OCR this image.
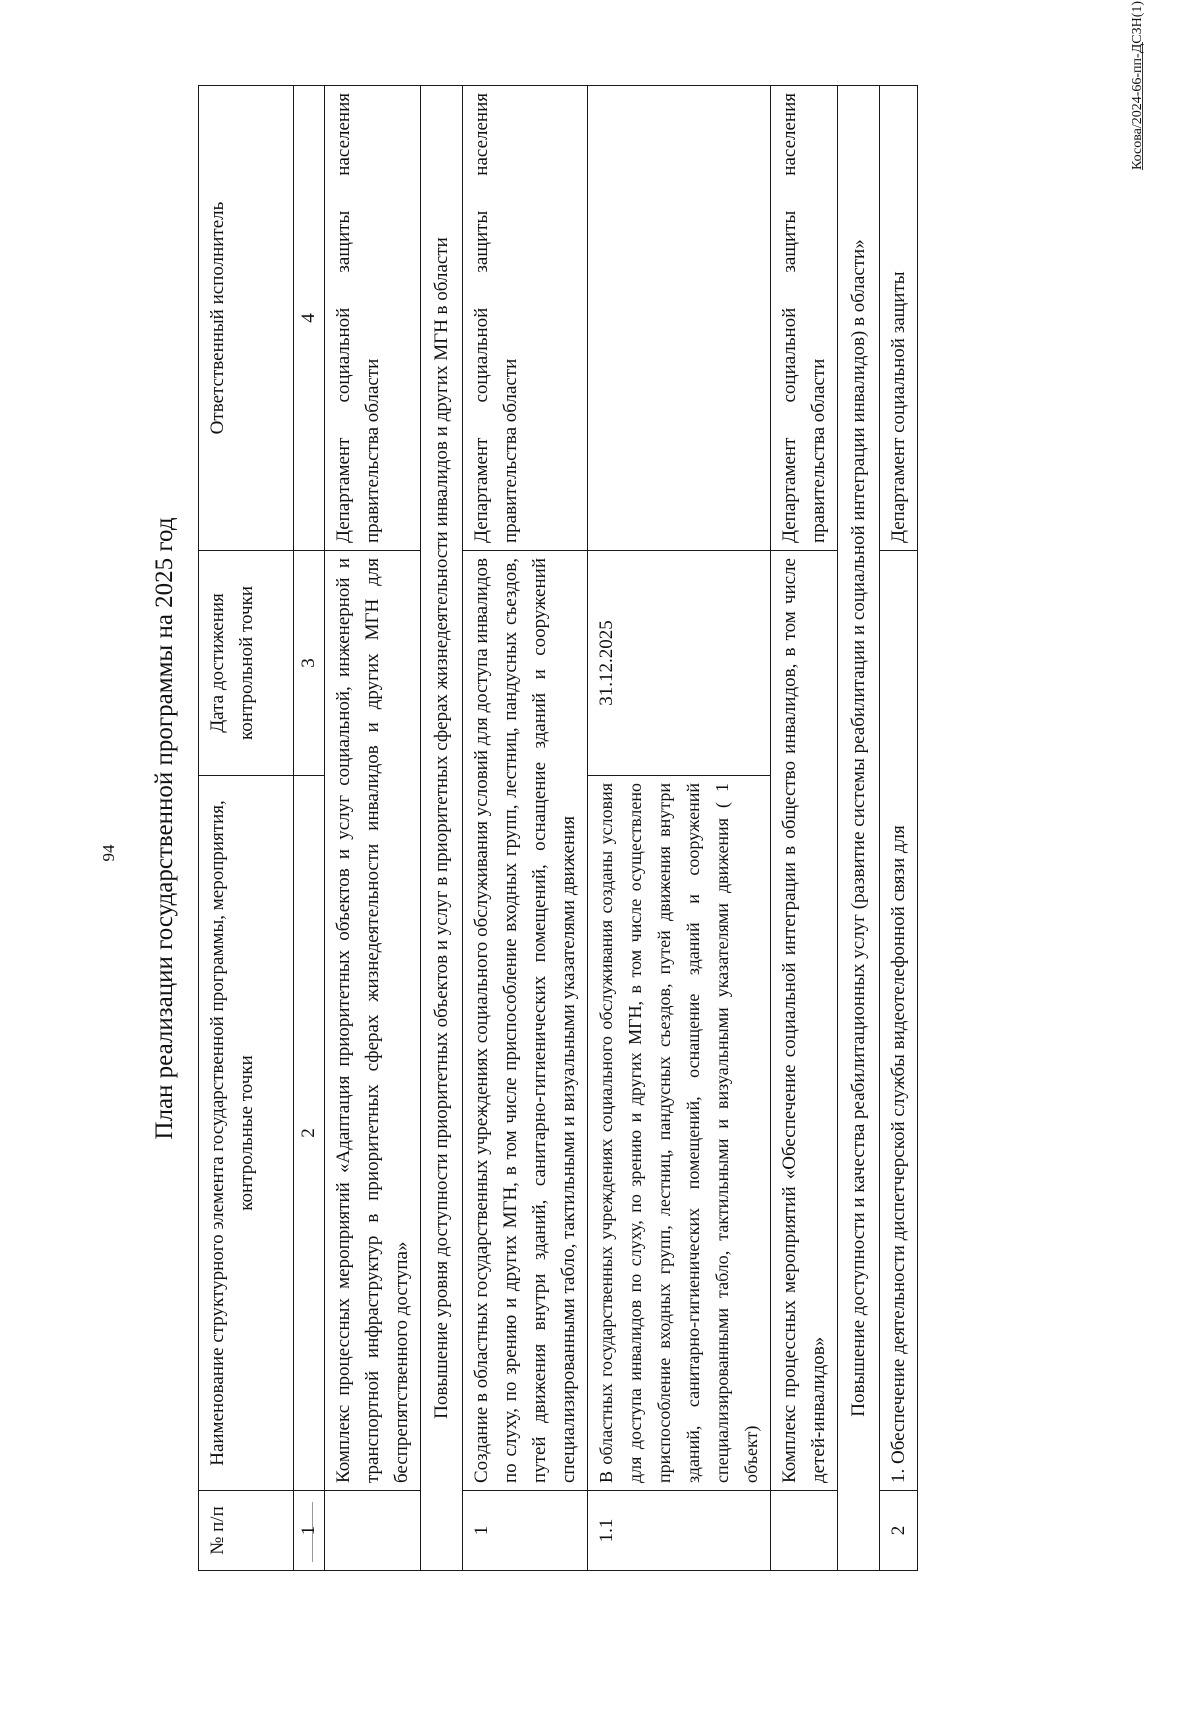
94
Косова/2024-66-пп-ДСЗН(1)
План реализации государственной программы на 2025 год
№ п/п	Наименование структурного элемента государственной программы, мероприятия, контрольные точки	Дата достижения контрольной точки	Ответственный исполнитель
1	2	3	4
	Комплекс процессных мероприятий «Адаптация приоритетных объектов и услуг социальной, инженерной и транспортной инфраструктур в приоритетных сферах жизнедеятельности инвалидов и других МГН для беспрепятственного доступа»		Департамент социальной защиты населения правительства области
Повышение уровня доступности приоритетных объектов и услуг в приоритетных сферах жизнедеятельности инвалидов и других МГН в области			
1	Создание в областных государственных учреждениях социального обслуживания условий для доступа инвалидов по слуху, по зрению и других МГН, в том числе приспособление входных групп, лестниц, пандусных съездов, путей движения внутри зданий, санитарно-гигиенических помещений, оснащение зданий и сооружений специализированными табло, тактильными и визуальными указателями движения		Департамент социальной защиты населения правительства области
1.1	В областных государственных учреждениях социального обслуживания созданы условия для доступа инвалидов по слуху, по зрению и других МГН, в том числе осуществлено приспособление входных групп, лестниц, пандусных съездов, путей движения внутри зданий, санитарно-гигиенических помещений, оснащение зданий и сооружений специализированными табло, тактильными и визуальными указателями движения ( 1 объект)	31.12.2025	
	Комплекс процессных мероприятий «Обеспечение социальной интеграции в общество инвалидов, в том числе детей-инвалидов»		Департамент социальной защиты населения правительства области
Повышение доступности и качества реабилитационных услуг (развитие системы реабилитации и социальной интеграции инвалидов) в области»			
2	1. Обеспечение деятельности диспетчерской службы видеотелефонной связи для		Департамент социальной защиты
